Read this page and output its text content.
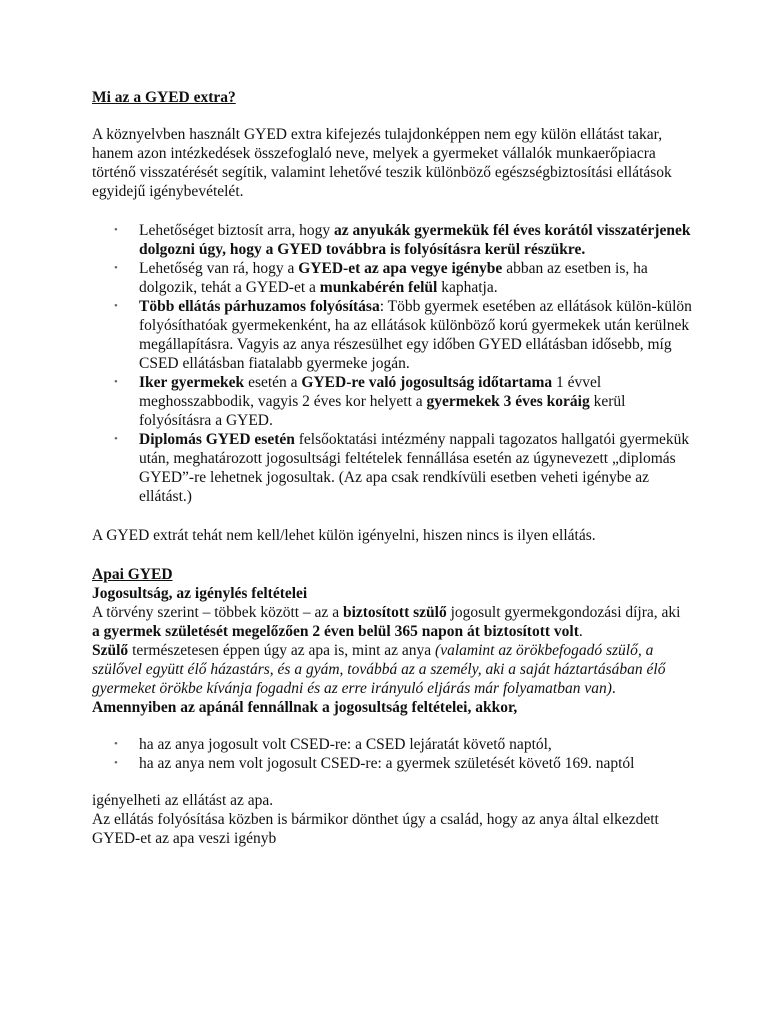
Mi az a GYED extra?

A köznyelvben használt GYED extra kifejezés tulajdonképpen nem egy külön ellátást takar, hanem azon intézkedések összefoglaló neve, melyek a gyermeket vállalók munkaerőpiacra történő visszatérését segítik, valamint lehetővé teszik különböző egészségbiztosítási ellátások egyidejű igénybevételét.

• Lehetőséget biztosít arra, hogy az anyukák gyermekük fél éves korától visszatérjenek dolgozni úgy, hogy a GYED továbbra is folyósításra kerül részükre.
• Lehetőség van rá, hogy a GYED-et az apa vegye igénybe abban az esetben is, ha dolgozik, tehát a GYED-et a munkabérén felül kaphatja.
• Több ellátás párhuzamos folyósítása: Több gyermek esetében az ellátások külön-külön folyósíthatóak gyermekenként, ha az ellátások különböző korú gyermekek után kerülnek megállapításra. Vagyis az anya részesülhet egy időben GYED ellátásban idősebb, míg CSED ellátásban fiatalabb gyermeke jogán.
• Iker gyermekek esetén a GYED-re való jogosultság időtartama 1 évvel meghosszabbodik, vagyis 2 éves kor helyett a gyermekek 3 éves koráig kerül folyósításra a GYED.
• Diplomás GYED esetén felsőoktatási intézmény nappali tagozatos hallgatói gyermekük után, meghatározott jogosultsági feltételek fennállása esetén az úgynevezett „diplomás GYED”-re lehetnek jogosultak. (Az apa csak rendkívüli esetben veheti igénybe az ellátást.)

A GYED extrát tehát nem kell/lehet külön igényelni, hiszen nincs is ilyen ellátás.

Apai GYED

Jogosultság, az igénylés feltételei

A törvény szerint – többek között – az a biztosított szülő jogosult gyermekgondozási díjra, aki a gyermek születését megelőzően 2 éven belül 365 napon át biztosított volt.

Szülő természetesen éppen úgy az apa is, mint az anya (valamint az örökbefogadó szülő, a szülővel együtt élő házastárs, és a gyám, továbbá az a személy, aki a saját háztartásában élő gyermeket örökbe kívánja fogadni és az erre irányuló eljárás már folyamatban van).

Amennyiben az apánál fennállnak a jogosultság feltételei, akkor,

• ha az anya jogosult volt CSED-re: a CSED lejáratát követő naptól,
• ha az anya nem volt jogosult CSED-re: a gyermek születését követő 169. naptól

igényelheti az ellátást az apa.

Az ellátás folyósítása közben is bármikor dönthet úgy a család, hogy az anya által elkezdett GYED-et az apa veszi igényb
